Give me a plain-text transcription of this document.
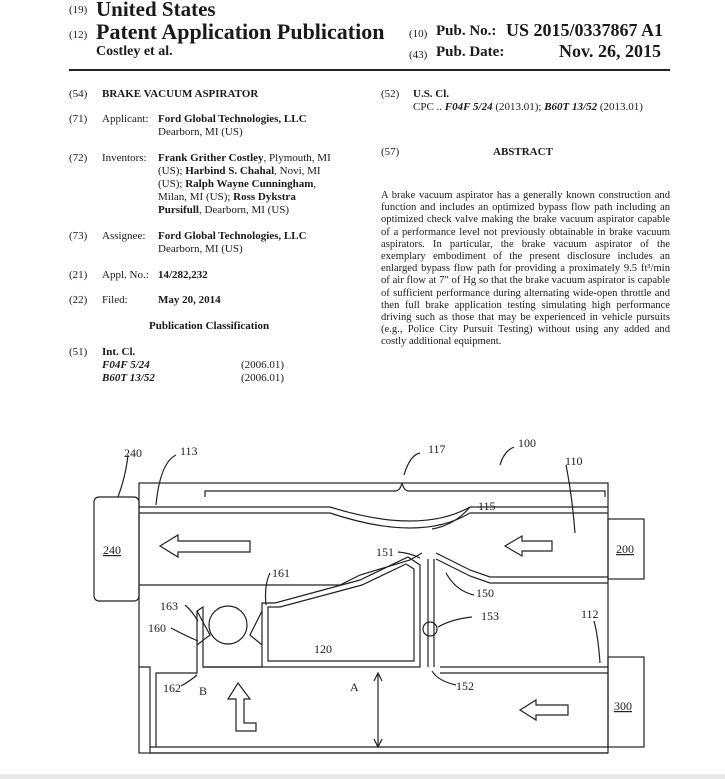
(19) United States
(12) Patent Application Publication
Costley et al.
(10) Pub. No.: US 2015/0337867 A1
(43) Pub. Date:	Nov. 26, 2015
(54) BRAKE VACUUM ASPIRATOR
(71) Applicant: Ford Global Technologies, LLC
Dearborn, MI (US)
(72) Inventors: Frank Grither Costley, Plymouth, MI
(US); Harbind S. Chahal, Novi, MI
(US); Ralph Wayne Cunningham,
Milan, MI (US); Ross Dykstra
Pursifull, Dearborn, MI (US)
(73) Assignee: Ford Global Technologies, LLC
Dearborn, MI (US)
(21) Appl. No.: 14/282,232
(22) Filed:	May 20, 2014
Publication Classification
(51) Int. Cl.
F04F 5/24	(2006.01)
B60T 13/52	(2006.01)
(52) U.S. Cl.
CPC .. F04F 5/24 (2013.01); B60T 13/52 (2013.01)
(57)	ABSTRACT
A brake vacuum aspirator has a generally known construction and function and includes an optimized bypass flow path including an optimized check valve making the brake vacuum aspirator capable of a performance level not previously obtainable in brake vacuum aspirators. In particular, the brake vacuum aspirator of the exemplary embodiment of the present disclosure includes an enlarged bypass flow path for providing a proximately 9.5 ft³/min of air flow at 7" of Hg so that the brake vacuum aspirator is capable of sufficient performance during alternating wide-open throttle and then full brake application testing simulating high performance driving such as those that may be experienced in vehicle pursuits (e.g., Police City Pursuit Testing) without using any added and costly additional equipment.
240	113	117	100
110
115
151
240	200
161
150
163
153	112
160
120
A
162 B	152
300
